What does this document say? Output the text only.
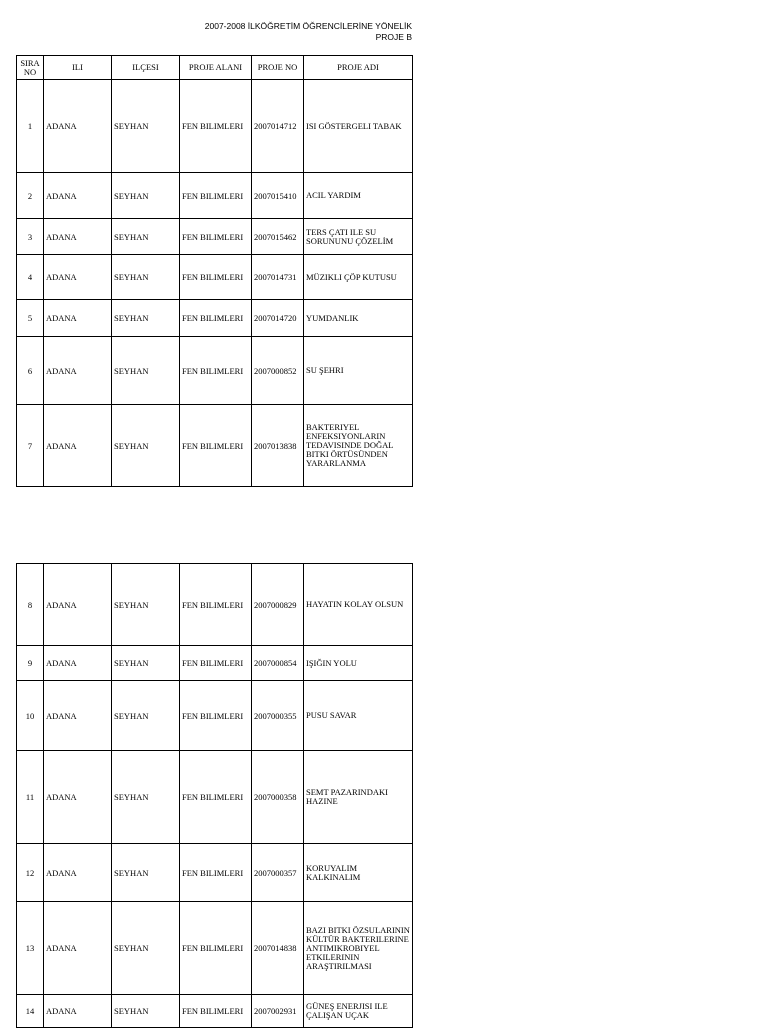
2007-2008 İLKÖĞRETİM ÖĞRENCİLERİNE YÖNELİK
PROJE B
SIRA NO	ILI	ILÇESI	PROJE ALANI	PROJE NO	PROJE ADI
1	ADANA	SEYHAN	FEN BILIMLERI	2007014712	ISI GÖSTERGELI TABAK
2	ADANA	SEYHAN	FEN BILIMLERI	2007015410	ACIL YARDIM
3	ADANA	SEYHAN	FEN BILIMLERI	2007015462	TERS ÇATI ILE SU SORUNUNU ÇÖZELİM
4	ADANA	SEYHAN	FEN BILIMLERI	2007014731	MÜZIKLI ÇÖP KUTUSU
5	ADANA	SEYHAN	FEN BILIMLERI	2007014720	YUMDANLIK
6	ADANA	SEYHAN	FEN BILIMLERI	2007000852	SU ŞEHRI
7	ADANA	SEYHAN	FEN BILIMLERI	2007013838	BAKTERIYEL ENFEKSIYONLARIN TEDAVISINDE DOĞAL BITKI ÖRTÜSÜNDEN YARARLANMA
8	ADANA	SEYHAN	FEN BILIMLERI	2007000829	HAYATIN KOLAY OLSUN
9	ADANA	SEYHAN	FEN BILIMLERI	2007000854	IŞIĞIN YOLU
10	ADANA	SEYHAN	FEN BILIMLERI	2007000355	PUSU SAVAR
11	ADANA	SEYHAN	FEN BILIMLERI	2007000358	SEMT PAZARINDAKI HAZINE
12	ADANA	SEYHAN	FEN BILIMLERI	2007000357	KORUYALIM KALKINALIM
13	ADANA	SEYHAN	FEN BILIMLERI	2007014838	BAZI BITKI ÖZSULARININ KÜLTÜR BAKTERILERINE ANTIMIKROBIYEL ETKILERININ ARAŞTIRILMASI
14	ADANA	SEYHAN	FEN BILIMLERI	2007002931	GÜNEŞ ENERJISI ILE ÇALIŞAN UÇAK
